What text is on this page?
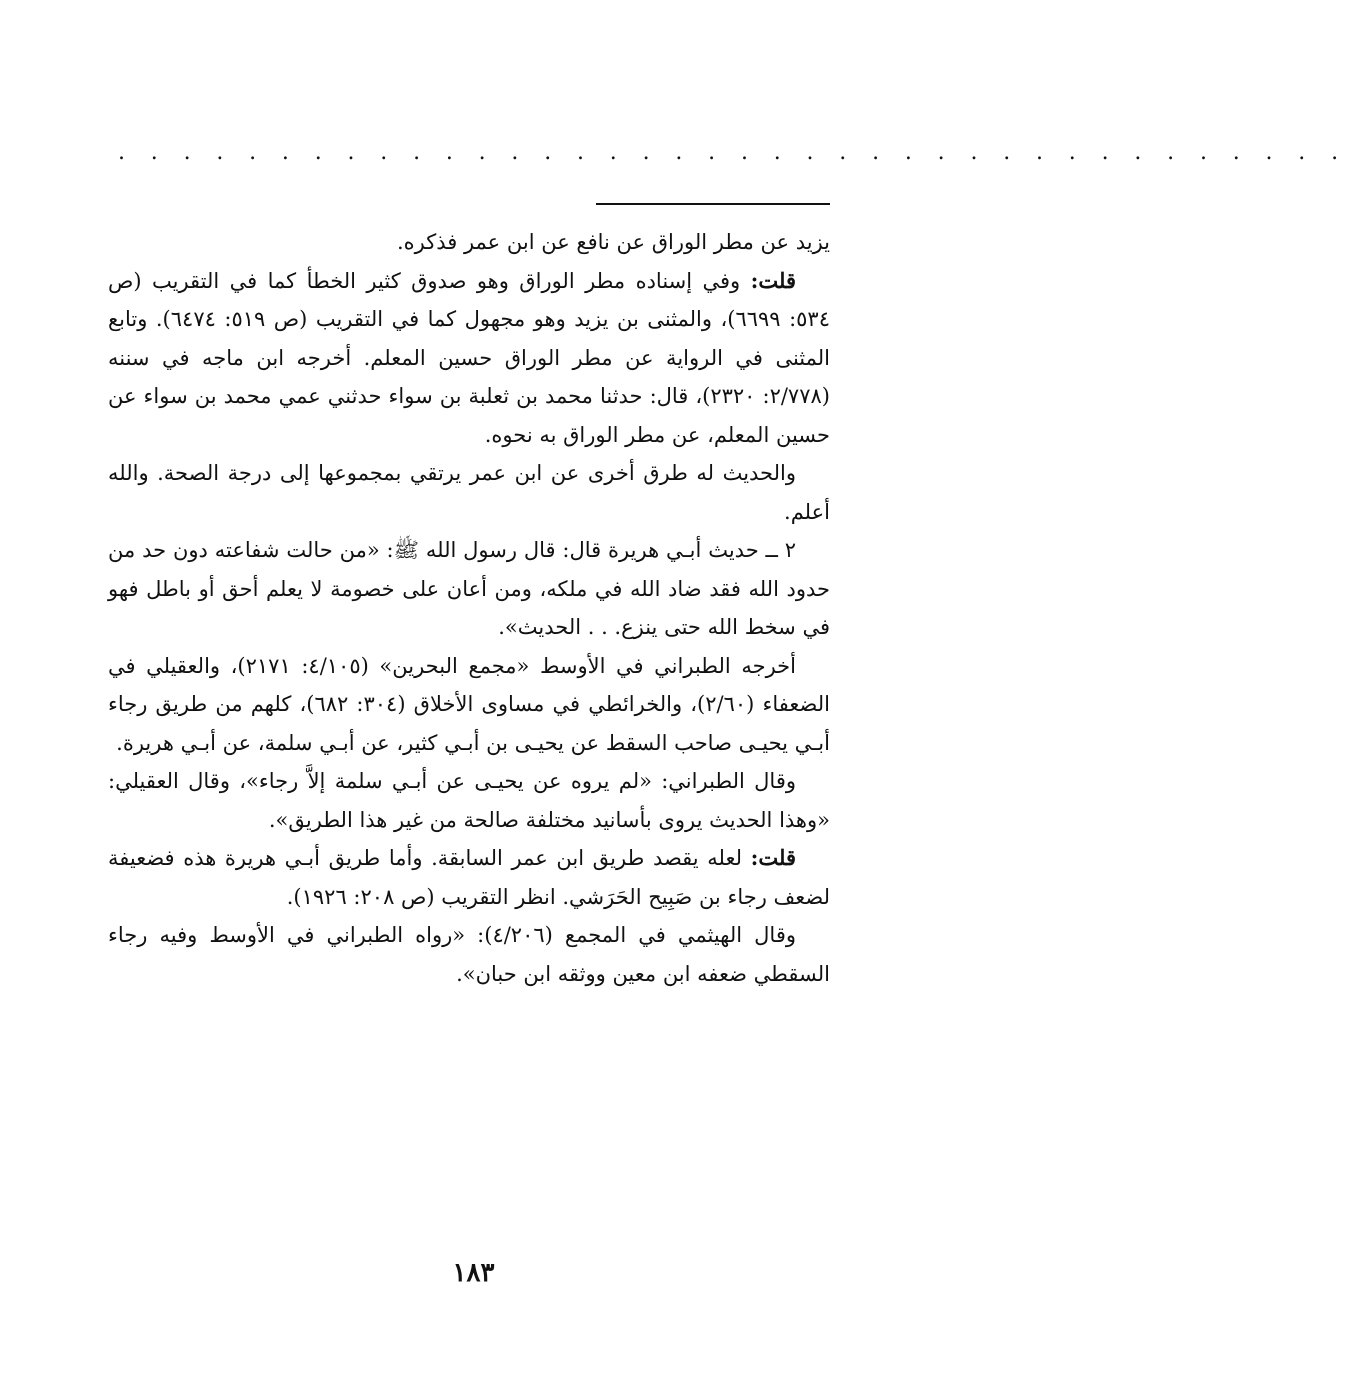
. . . . . . . . . . . . . . . . . . . . . . . . . . . . . . . . . . . . . .

يزيد عن مطر الوراق عن نافع عن ابن عمر فذكره.

قلت: وفي إسناده مطر الوراق وهو صدوق كثير الخطأ كما في التقريب (ص ٥٣٤: ٦٦٩٩)، والمثنى بن يزيد وهو مجهول كما في التقريب (ص ٥١٩: ٦٤٧٤). وتابع المثنى في الرواية عن مطر الوراق حسين المعلم. أخرجه ابن ماجه في سننه (٢/٧٧٨: ٢٣٢٠)، قال: حدثنا محمد بن ثعلبة بن سواء حدثني عمي محمد بن سواء عن حسين المعلم، عن مطر الوراق به نحوه.

والحديث له طرق أخرى عن ابن عمر يرتقي بمجموعها إلى درجة الصحة. والله أعلم.

٢ ــ حديث أبـي هريرة قال: قال رسول الله ﷺ: «من حالت شفاعته دون حد من حدود الله فقد ضاد الله في ملكه، ومن أعان على خصومة لا يعلم أحق أو باطل فهو في سخط الله حتى ينزع. . . الحديث».

أخرجه الطبراني في الأوسط «مجمع البحرين» (٤/١٠٥: ٢١٧١)، والعقيلي في الضعفاء (٢/٦٠)، والخرائطي في مساوى الأخلاق (٣٠٤: ٦٨٢)، كلهم من طريق رجاء أبـي يحيـى صاحب السقط عن يحيـى بن أبـي كثير، عن أبـي سلمة، عن أبـي هريرة.

وقال الطبراني: «لم يروه عن يحيـى عن أبـي سلمة إلاَّ رجاء»، وقال العقيلي: «وهذا الحديث يروى بأسانيد مختلفة صالحة من غير هذا الطريق».

قلت: لعله يقصد طريق ابن عمر السابقة. وأما طريق أبـي هريرة هذه فضعيفة لضعف رجاء بن صَبِيح الحَرَشي. انظر التقريب (ص ٢٠٨: ١٩٢٦).

وقال الهيثمي في المجمع (٤/٢٠٦): «رواه الطبراني في الأوسط وفيه رجاء السقطي ضعفه ابن معين ووثقه ابن حبان».

١٨٣
